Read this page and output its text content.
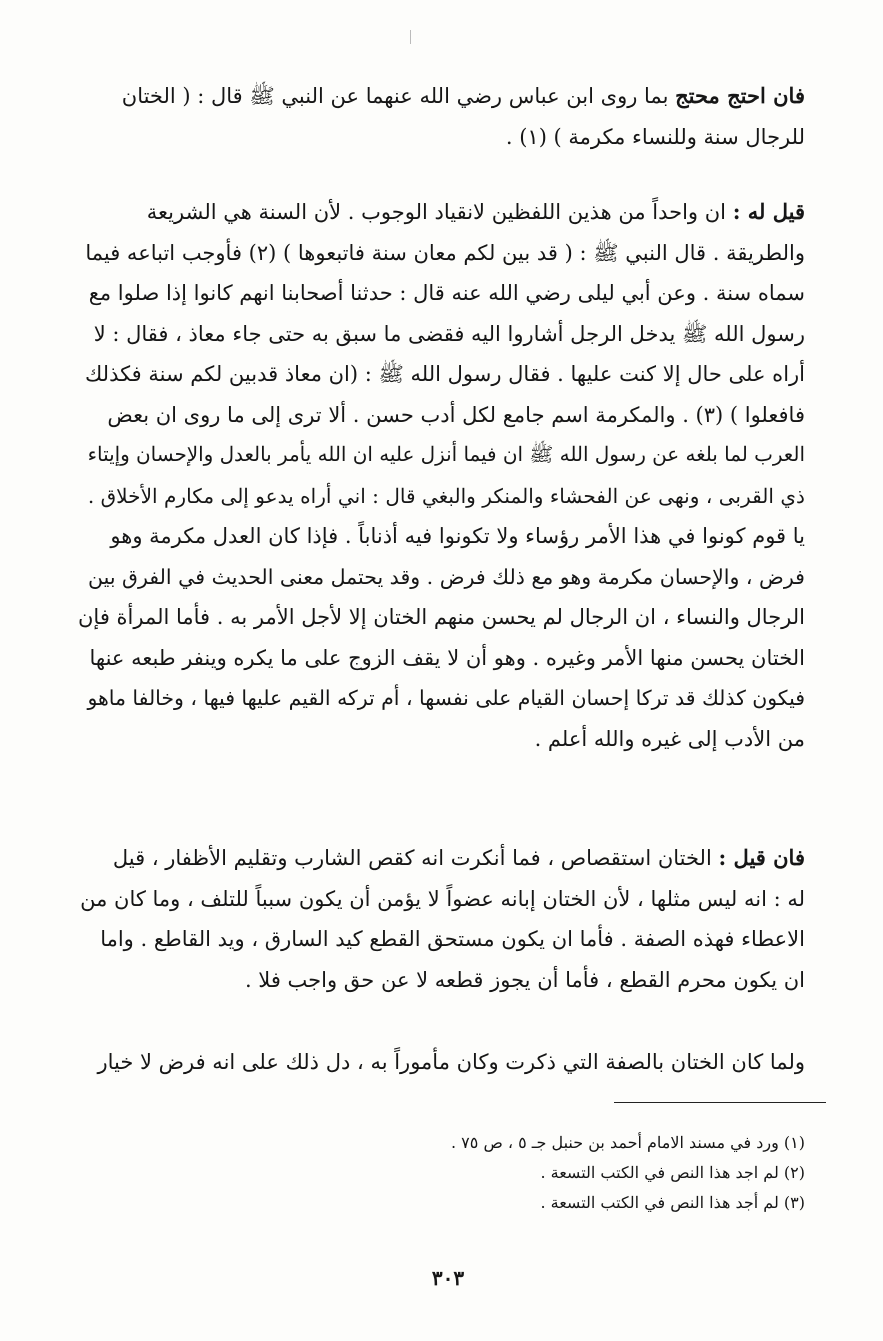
فان احتج محتج بما روى ابن عباس رضي الله عنهما عن النبي ﷺ قال : ( الختان
للرجال سنة وللنساء مكرمة ) (١) .
قيل له : ان واحداً من هذين اللفظين لانقياد الوجوب . لأن السنة هي الشريعة
والطريقة . قال النبي ﷺ : ( قد بين لكم معان سنة فاتبعوها ) (٢) فأوجب اتباعه فيما
سماه سنة . وعن أبي ليلى رضي الله عنه قال : حدثنا أصحابنا انهم كانوا إذا صلوا مع
رسول الله ﷺ يدخل الرجل أشاروا اليه فقضى ما سبق به حتى جاء معاذ ، فقال : لا
أراه على حال إلا كنت عليها . فقال رسول الله ﷺ : (ان معاذ قدبين لكم سنة فكذلك
فافعلوا ) (٣) . والمكرمة اسم جامع لكل أدب حسن . ألا ترى إلى ما روى ان بعض
العرب لما بلغه عن رسول الله ﷺ ان فيما أنزل عليه ان الله يأمر بالعدل والإحسان وإيتاء
ذي القربى ، ونهى عن الفحشاء والمنكر والبغي قال : اني أراه يدعو إلى مكارم الأخلاق .
يا قوم كونوا في هذا الأمر رؤساء ولا تكونوا فيه أذناباً . فإذا كان العدل مكرمة وهو
فرض ، والإحسان مكرمة وهو مع ذلك فرض . وقد يحتمل معنى الحديث في الفرق بين
الرجال والنساء ، ان الرجال لم يحسن منهم الختان إلا لأجل الأمر به . فأما المرأة فإن
الختان يحسن منها الأمر وغيره . وهو أن لا يقف الزوج على ما يكره وينفر طبعه عنها
فيكون كذلك قد تركا إحسان القيام على نفسها ، أم تركه القيم عليها فيها ، وخالفا ماهو
من الأدب إلى غيره والله أعلم .
فان قيل : الختان استقصاص ، فما أنكرت انه كقص الشارب وتقليم الأظفار ، قيل
له : انه ليس مثلها ، لأن الختان إبانه عضواً لا يؤمن أن يكون سبباً للتلف ، وما كان من
الاعطاء فهذه الصفة . فأما ان يكون مستحق القطع كيد السارق ، ويد القاطع . واما
ان يكون محرم القطع ، فأما أن يجوز قطعه لا عن حق واجب فلا .
ولما كان الختان بالصفة التي ذكرت وكان مأموراً به ، دل ذلك على انه فرض لا خيار
(١) ورد في مسند الامام أحمد بن حنبل جـ ٥ ، ص ٧٥ .
(٢) لم اجد هذا النص في الكتب التسعة .
(٣) لم أجد هذا النص في الكتب التسعة .
٣٠٣
